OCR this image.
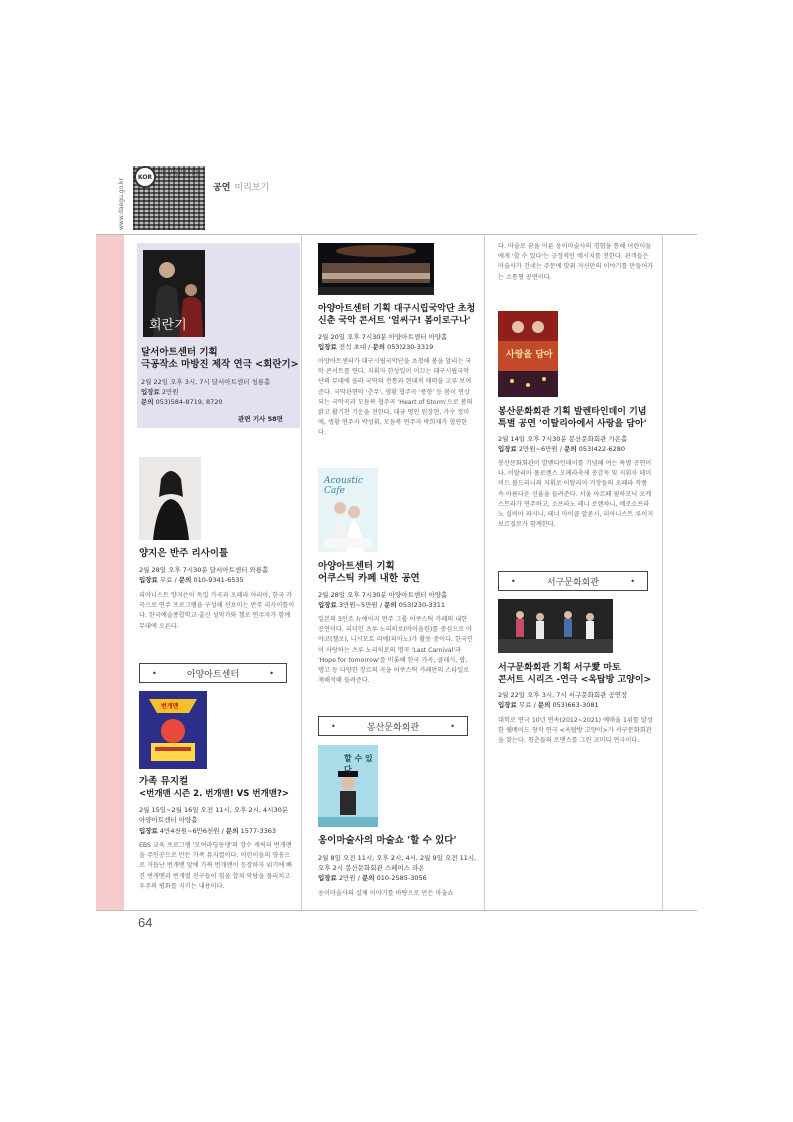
KOR
www.daegu.go.kr
대구광역시청
공연 미리보기
64
회란기
달서아트센터 기획
극공작소 마방진 제작 연극 <회란기>
2월 22일 오후 3시, 7시 달서아트센터 청룡홀
입장료 2만원
문의 053)584-8719, 8720
관련 기사 58면
양지은 반주 리사이틀
2월 28일 오후 7시30분 달서아트센터 와룡홀
입장료 무료 / 문의 010-9341-6535
피아니스트 양지은이 독일 가곡과 오페라 아리아, 한국 가곡으로 연주 프로그램을 구성해 선보이는 반주 리사이틀이다. 한국예술종합학교 출신 성악가와 첼로 연주자가 함께 무대에 오른다.
•	아양아트센터	•
번개맨
가족 뮤지컬
<번개맨 시즌 2. 번개맨! VS 번개맨?>
2월 15일~2월 16일 오전 11시, 오후 2시, 4시30분
아양아트센터 아양홀
입장료 4만4천원~6만6천원 / 문의 1577-3363
EBS 교육 프로그램 '모여라딩동댕'의 장수 캐릭터 번개맨을 주인공으로 만든 가족 뮤지컬이다. 어린이들의 영웅으로 거듭난 번개맨 앞에 가짜 번개맨이 등장하자 위기에 빠진 번개맨과 번개별 친구들이 힘을 합쳐 악당을 물리치고 우주의 평화를 지키는 내용이다.
아양아트센터 기획 대구시립국악단 초청
신춘 국악 콘서트 '얼씨구! 봄이로구나'
2월 20일 오후 7시30분 아양아트센터 아양홀
입장료 전석 초대 / 문의 053)230-3319
아양아트센터가 대구시립국악단을 초청해 봄을 알리는 국악 콘서트를 연다. 지휘자 한상일이 이끄는 대구시립국악단의 무대에 올라 국악의 전통과 현대적 매력을 고루 보여준다. 국악관현악 '춘무', 생황 협주곡 '풍향' 등 봄이 연상되는 국악곡과 모듬북 협주곡 'Heart of Storm'으로 봄의 밝고 활기찬 기운을 전한다. 대금 명인 원장현, 가수 정미애, 생황 연주자 박성휘, 모듬북 연주자 박희재가 협연한다.
Acoustic Cafe
아양아트센터 기획
어쿠스틱 카페 내한 공연
2월 28일 오후 7시30분 아양아트센터 아양홀
입장료 3만원~5만원 / 문의 053)230-3311
일본의 3인조 뉴에이지 연주 그룹 어쿠스틱 카페의 내한 공연이다. 리더인 츠루 노리히로(바이올린)를 중심으로 아야코(첼로), 니시모토 리에(피아노)가 활동 중이다. 한국인이 사랑하는 츠루 노리히로의 명곡 'Last Carnival'과 'Hope for tomorrow'를 비롯해 한국 가곡, 클래식, 팝, 탱고 등 다양한 장르의 곡을 어쿠스틱 카페만의 스타일로 재해석해 들려준다.
•	봉산문화회관	•
할 수 있다
옹이마술사의 마술쇼 '할 수 있다'
2월 8일 오전 11시, 오후 2시, 4시, 2월 9일 오전 11시,
오후 2시 봉산문화회관 스페이스 라온
입장료 2만원 / 문의 010-2585-3056
옹이마술사의 실제 이야기를 바탕으로 만든 마술쇼
다. 마술로 꿈을 이룬 옹이마술사의 경험을 통해 어린이들에게 '할 수 있다'는 긍정적인 메시지를 전한다. 관객들은 마술사가 건네는 주문에 맞춰 자신만의 이야기를 만들어가는 소통형 공연이다.
사랑을 담아
봉산문화회관 기획 발렌타인데이 기념
특별 공연 '이탈리아에서 사랑을 담아'
2월 14일 오후 7시30분 봉산문화회관 가온홀
입장료 2만원~6만원 / 문의 053)422-6280
봉산문화회관이 발렌타인데이를 기념해 여는 특별 공연이다. 이탈리아 풀로렌스 오페라축제 총감독 및 지휘자 데이비드 볼드리니의 지휘로 이탈리아 거장들의 오페라 작품 속 아름다운 선율을 들려준다. 서울 아르떼 필하모닉 오케스트라가 연주하고, 소프라노 레니 로렌차니, 메조소프라노 실비아 파시니, 테너 마이클 알론시, 피아니스트 루이지 보르질로가 함께한다.
•	서구문화회관	•
서구문화회관 기획 서구愛 마토
콘서트 시리즈 -연극 <옥탑방 고양이>
2월 22일 오후 3시, 7시 서구문화회관 공연장
입장료 무료 / 문의 053)663-3081
대학로 연극 10년 연속(2012~2021) 예매율 1위를 달성한 웰메이드 창작 연극 <옥탑방 고양이>가 서구문화회관을 찾는다. 청춘들의 로맨스를 그린 코미디 연극이다.
